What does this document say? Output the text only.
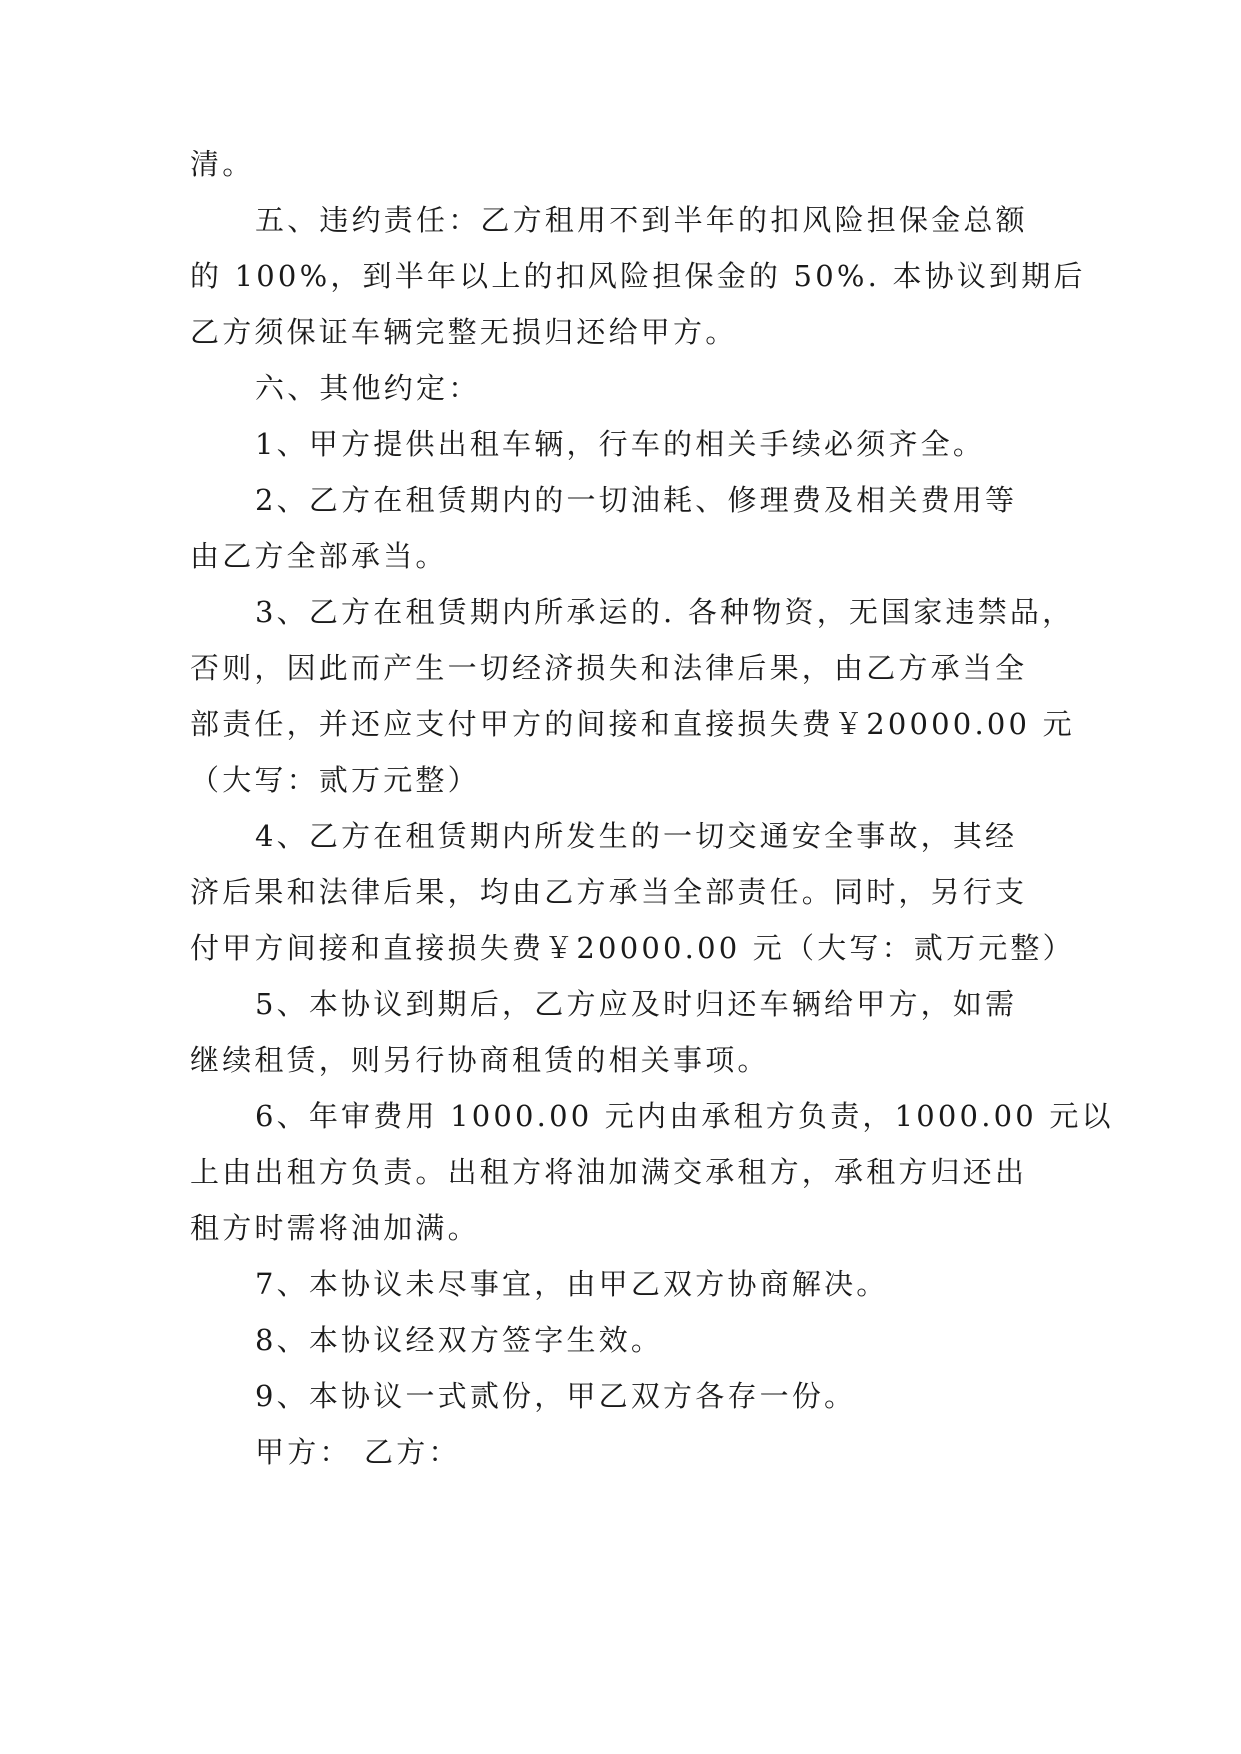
清。
五、违约责任：乙方租用不到半年的扣风险担保金总额
的 100%，到半年以上的扣风险担保金的 50%. 本协议到期后
乙方须保证车辆完整无损归还给甲方。
六、其他约定：
1、甲方提供出租车辆，行车的相关手续必须齐全。
2、乙方在租赁期内的一切油耗、修理费及相关费用等
由乙方全部承当。
3、乙方在租赁期内所承运的. 各种物资，无国家违禁品，
否则，因此而产生一切经济损失和法律后果，由乙方承当全
部责任，并还应支付甲方的间接和直接损失费￥20000.00 元
（大写：贰万元整）
4、乙方在租赁期内所发生的一切交通安全事故，其经
济后果和法律后果，均由乙方承当全部责任。同时，另行支
付甲方间接和直接损失费￥20000.00 元（大写：贰万元整）
5、本协议到期后，乙方应及时归还车辆给甲方，如需
继续租赁，则另行协商租赁的相关事项。
6、年审费用 1000.00 元内由承租方负责，1000.00 元以
上由出租方负责。出租方将油加满交承租方，承租方归还出
租方时需将油加满。
7、本协议未尽事宜，由甲乙双方协商解决。
8、本协议经双方签字生效。
9、本协议一式贰份，甲乙双方各存一份。
甲方： 乙方：
